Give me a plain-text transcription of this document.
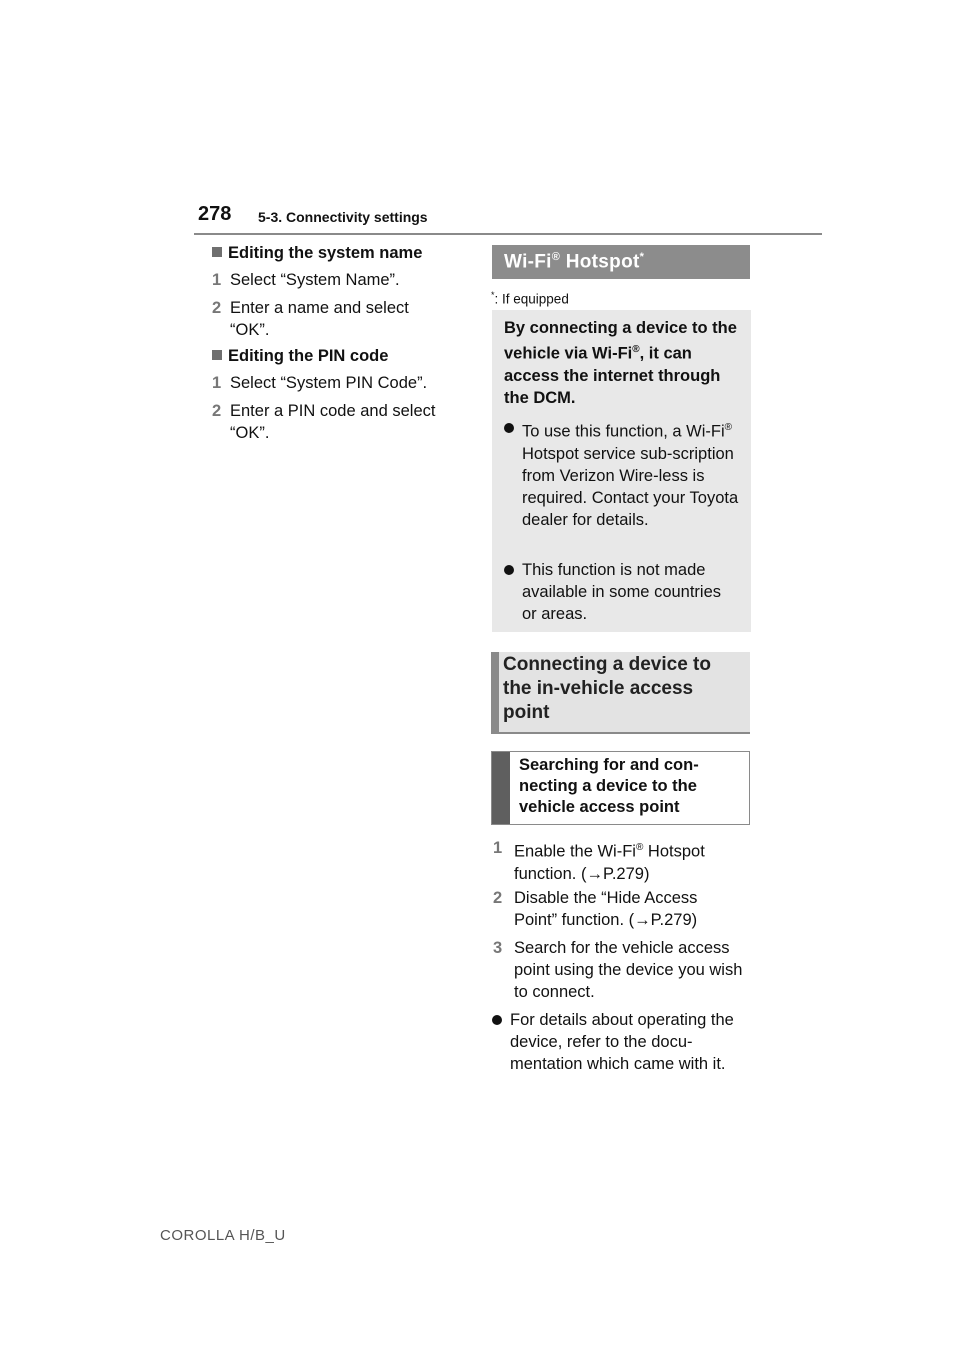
278 5-3. Connectivity settings
Editing the system name
1 Select “System Name”.
2 Enter a name and select “OK”.
Editing the PIN code
1 Select “System PIN Code”.
2 Enter a PIN code and select “OK”.
Wi-Fi® Hotspot*
*: If equipped
By connecting a device to the vehicle via Wi-Fi®, it can access the internet through the DCM.
To use this function, a Wi-Fi® Hotspot service sub-scription from Verizon Wire-less is required. Contact your Toyota dealer for details.
This function is not made available in some countries or areas.
Connecting a device to the in-vehicle access point
Searching for and con-necting a device to the vehicle access point
1 Enable the Wi-Fi® Hotspot function. (→P.279)
2 Disable the “Hide Access Point” function. (→P.279)
3 Search for the vehicle access point using the device you wish to connect.
For details about operating the device, refer to the docu-mentation which came with it.
COROLLA H/B_U
